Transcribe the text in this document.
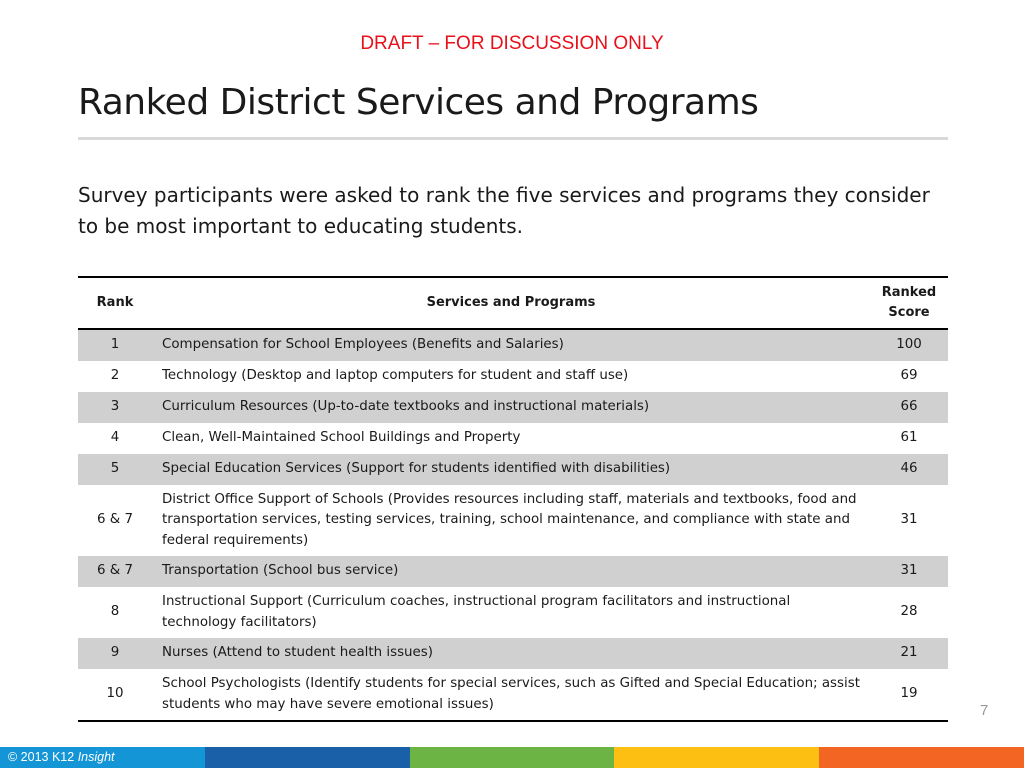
DRAFT – FOR DISCUSSION ONLY
Ranked District Services and Programs

Survey participants were asked to rank the five services and programs they consider to be most important to educating students.

Rank	Services and Programs	Ranked Score
1	Compensation for School Employees (Benefits and Salaries)	100
2	Technology (Desktop and laptop computers for student and staff use)	69
3	Curriculum Resources (Up-to-date textbooks and instructional materials)	66
4	Clean, Well-Maintained School Buildings and Property	61
5	Special Education Services (Support for students identified with disabilities)	46
6 & 7	District Office Support of Schools (Provides resources including staff, materials and textbooks, food and transportation services, testing services, training, school maintenance, and compliance with state and federal requirements)	31
6 & 7	Transportation (School bus service)	31
8	Instructional Support (Curriculum coaches, instructional program facilitators and instructional technology facilitators)	28
9	Nurses (Attend to student health issues)	21
10	School Psychologists (Identify students for special services, such as Gifted and Special Education; assist students who may have severe emotional issues)	19
7
© 2013 K12 Insight
